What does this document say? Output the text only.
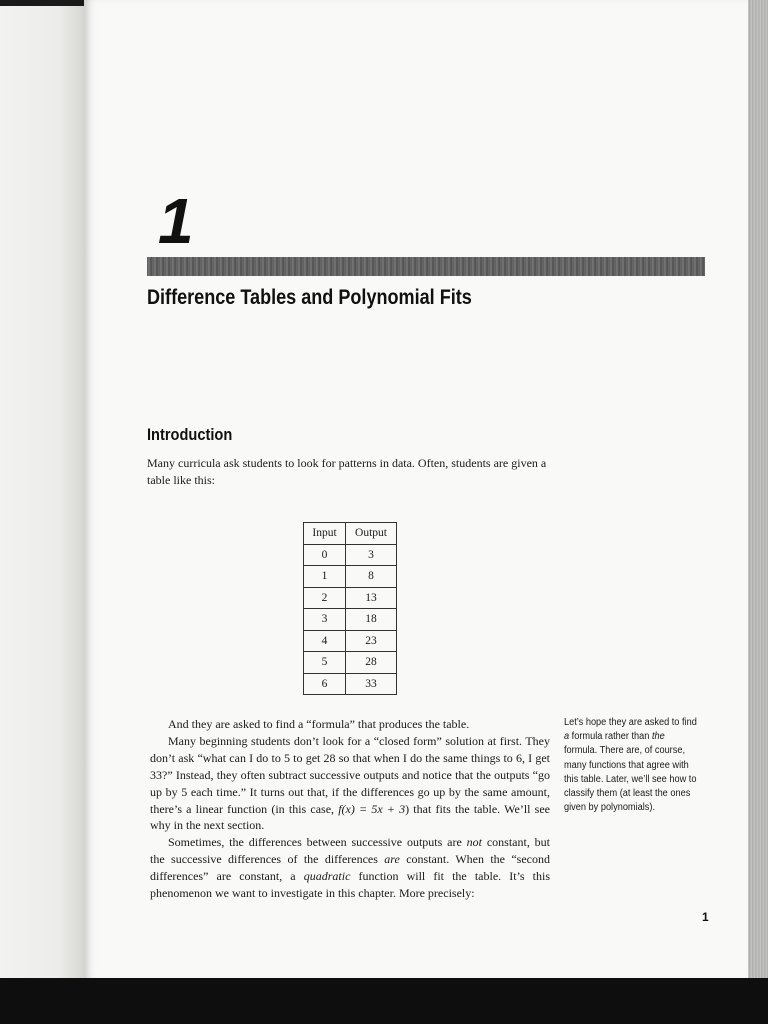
1
Difference Tables and Polynomial Fits
Introduction
Many curricula ask students to look for patterns in data. Often, students are given a table like this:
Input	Output
0	3
1	8
2	13
3	18
4	23
5	28
6	33

And they are asked to find a “formula” that produces the table.

Many beginning students don’t look for a “closed form” solution at first. They don’t ask “what can I do to 5 to get 28 so that when I do the same things to 6, I get 33?” Instead, they often subtract successive outputs and notice that the outputs “go up by 5 each time.” It turns out that, if the differences go up by the same amount, there’s a linear function (in this case, f(x) = 5x + 3) that fits the table. We’ll see why in the next section.

Sometimes, the differences between successive outputs are not constant, but the successive differences of the differences are constant. When the “second differences” are constant, a quadratic function will fit the table. It’s this phenomenon we want to investigate in this chapter. More precisely:

Let’s hope they are asked to find a formula rather than the formula. There are, of course, many functions that agree with this table. Later, we’ll see how to classify them (at least the ones given by polynomials).
1
